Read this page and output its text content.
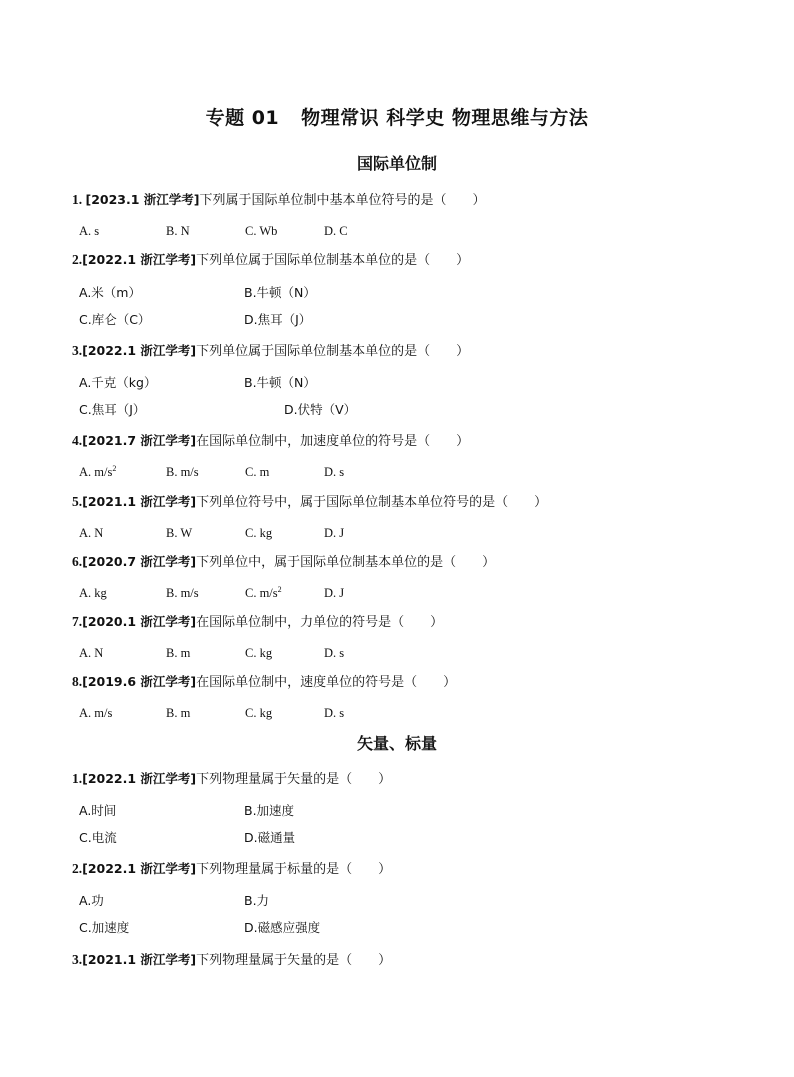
专题 01 物理常识 科学史 物理思维与方法
国际单位制
1. [2023.1 浙江学考]下列属于国际单位制中基本单位符号的是（　　）
A. s	B. N	C. Wb	D. C
2.[2022.1 浙江学考]下列单位属于国际单位制基本单位的是（　　）
A.米（m）	B.牛顿（N）
C.库仑（C）	D.焦耳（J）
3.[2022.1 浙江学考]下列单位属于国际单位制基本单位的是（　　）
A.千克（kg）	B.牛顿（N）
C.焦耳（J）	D.伏特（V）
4.[2021.7 浙江学考]在国际单位制中，加速度单位的符号是（　　）
A. $m/s^2$	B. m/s	C. m	D. s
5.[2021.1 浙江学考]下列单位符号中，属于国际单位制基本单位符号的是（　　）
A. N	B. W	C. kg	D. J
6.[2020.7 浙江学考]下列单位中，属于国际单位制基本单位的是（　　）
A. kg	B. m/s	C. $m/s^2$	D. J
7.[2020.1 浙江学考]在国际单位制中，力单位的符号是（　　）
A. N	B. m	C. kg	D. s
8.[2019.6 浙江学考]在国际单位制中，速度单位的符号是（　　）
A. m/s	B. m	C. kg	D. s
矢量、标量
1.[2022.1 浙江学考]下列物理量属于矢量的是（　　）
A.时间	B.加速度
C.电流	D.磁通量
2.[2022.1 浙江学考]下列物理量属于标量的是（　　）
A.功	B.力
C.加速度	D.磁感应强度
3.[2021.1 浙江学考]下列物理量属于矢量的是（　　）
